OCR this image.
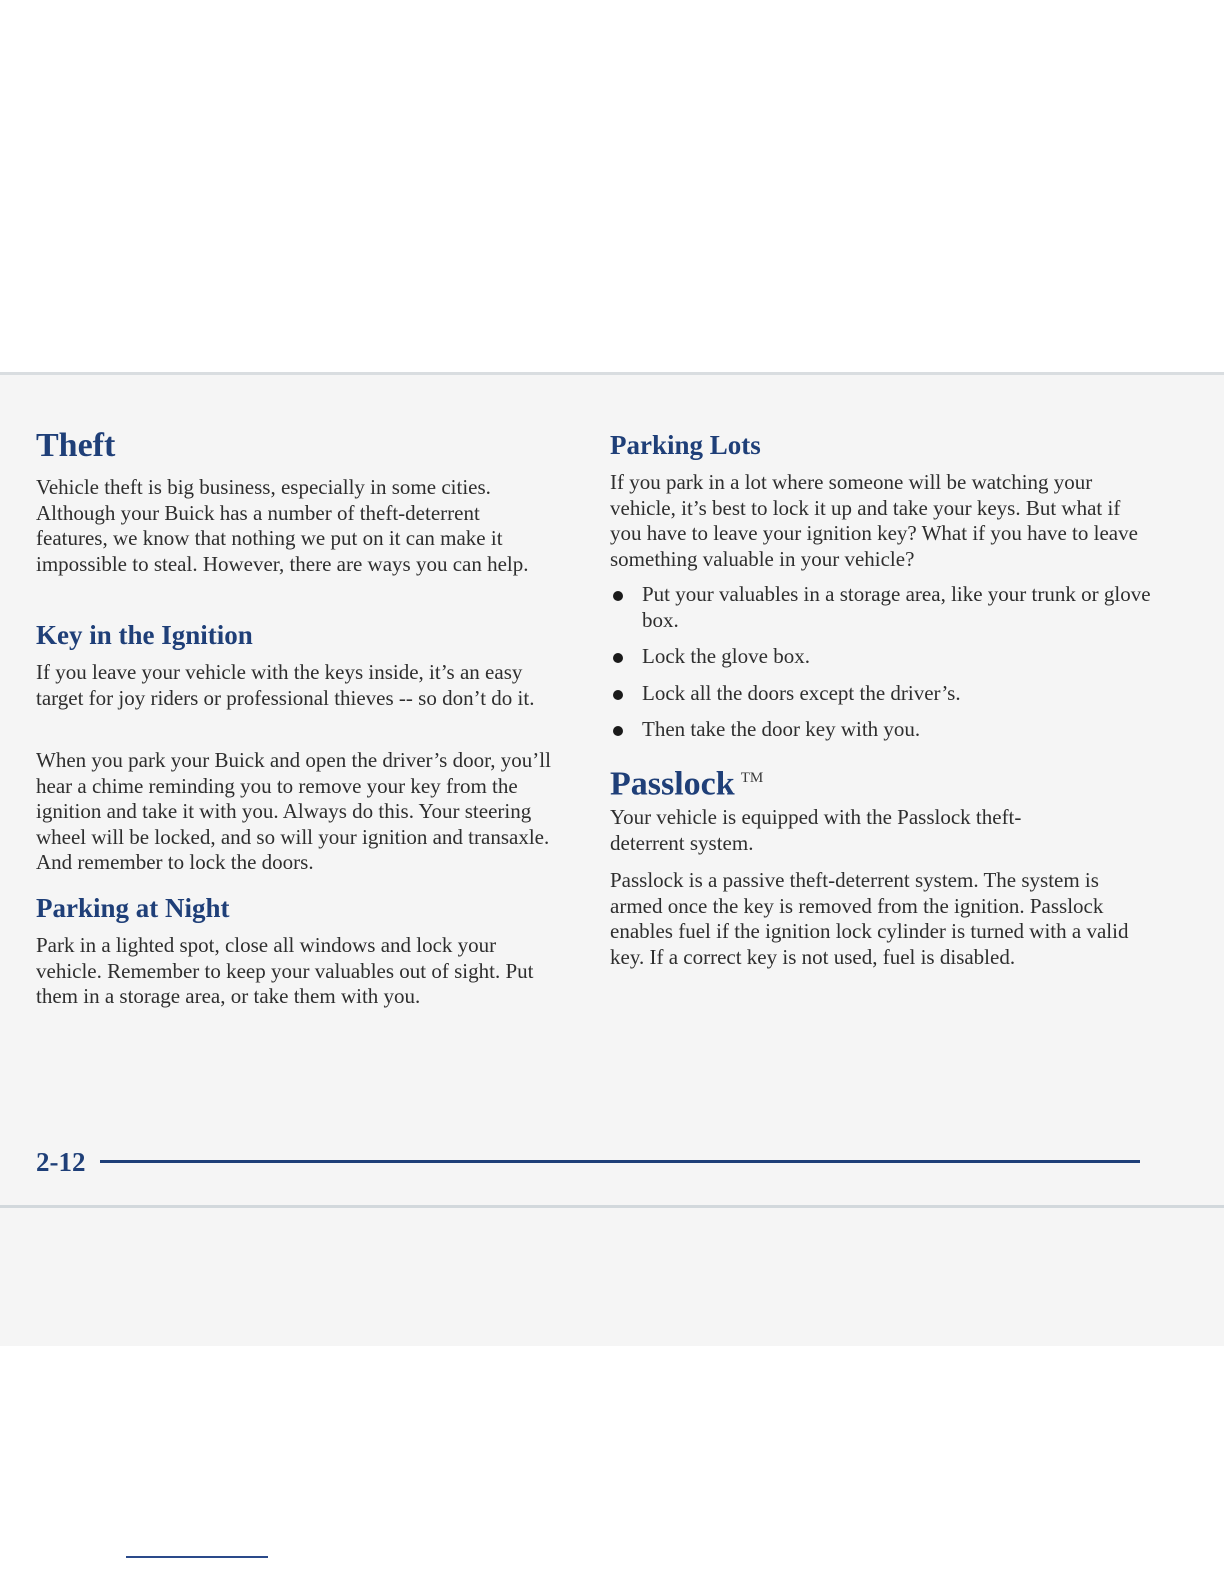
Theft

Vehicle theft is big business, especially in some cities. Although your Buick has a number of theft-deterrent features, we know that nothing we put on it can make it impossible to steal. However, there are ways you can help.

Key in the Ignition

If you leave your vehicle with the keys inside, it’s an easy target for joy riders or professional thieves -- so don’t do it.

When you park your Buick and open the driver’s door, you’ll hear a chime reminding you to remove your key from the ignition and take it with you. Always do this. Your steering wheel will be locked, and so will your ignition and transaxle. And remember to lock the doors.

Parking at Night

Park in a lighted spot, close all windows and lock your vehicle. Remember to keep your valuables out of sight. Put them in a storage area, or take them with you.

Parking Lots

If you park in a lot where someone will be watching your vehicle, it’s best to lock it up and take your keys. But what if you have to leave your ignition key? What if you have to leave something valuable in your vehicle?

Put your valuables in a storage area, like your trunk or glove box.
Lock the glove box.
Lock all the doors except the driver’s.
Then take the door key with you.
Passlock ™

Your vehicle is equipped with the Passlock theft-deterrent system.

Passlock is a passive theft-deterrent system. The system is armed once the key is removed from the ignition. Passlock enables fuel if the ignition lock cylinder is turned with a valid key. If a correct key is not used, fuel is disabled.

2-12
